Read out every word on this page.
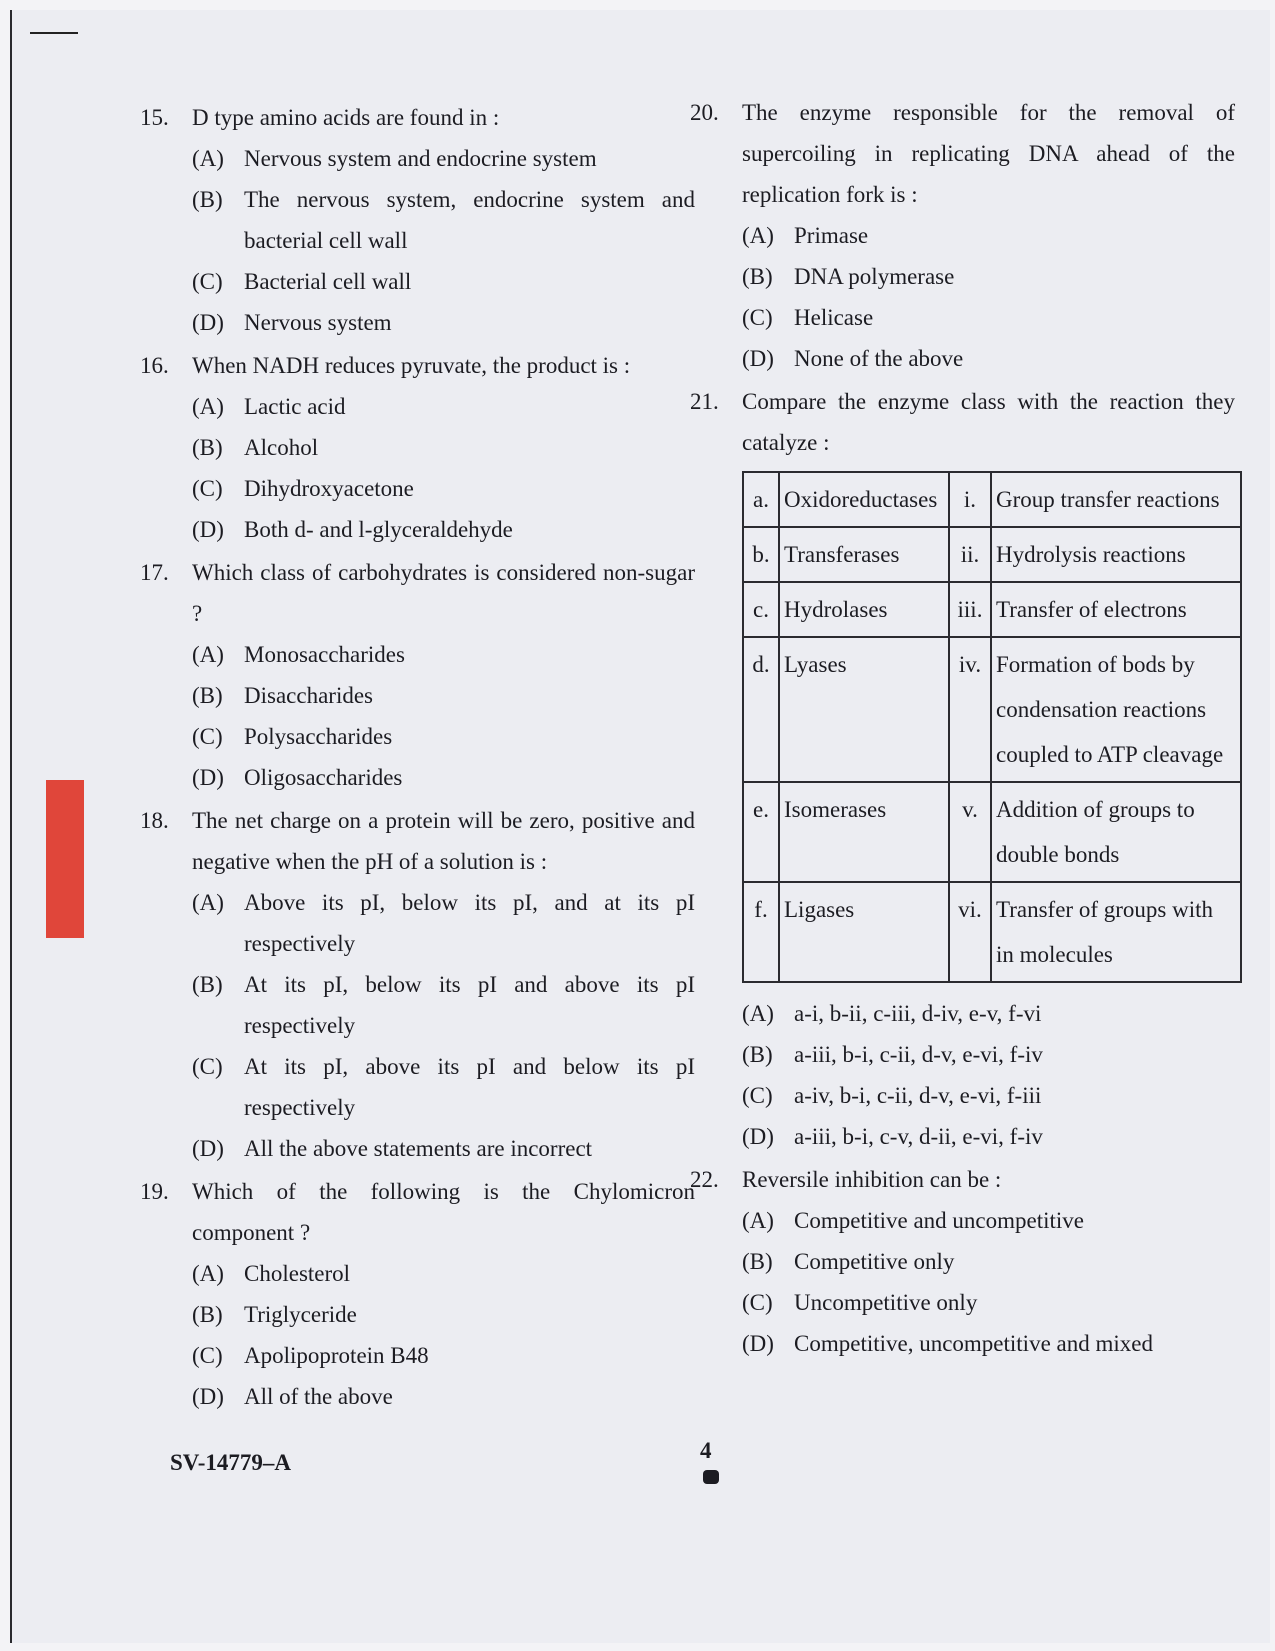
15.	D type amino acids are found in :
(A) Nervous system and endocrine system
(B) The nervous system, endocrine system and bacterial cell wall
(C) Bacterial cell wall
(D) Nervous system
16.	When NADH reduces pyruvate, the product is :
(A) Lactic acid
(B) Alcohol
(C) Dihydroxyacetone
(D) Both d- and l-glyceraldehyde
17.	Which class of carbohydrates is considered non-sugar ?
(A) Monosaccharides
(B) Disaccharides
(C) Polysaccharides
(D) Oligosaccharides
18.	The net charge on a protein will be zero, positive and negative when the pH of a solution is :
(A) Above its pI, below its pI, and at its pI respectively
(B) At its pI, below its pI and above its pI respectively
(C) At its pI, above its pI and below its pI respectively
(D) All the above statements are incorrect
19.	Which of the following is the Chylomicron component ?
(A) Cholesterol
(B) Triglyceride
(C) Apolipoprotein B48
(D) All of the above
20.	The enzyme responsible for the removal of supercoiling in replicating DNA ahead of the replication fork is :
(A) Primase
(B) DNA polymerase
(C) Helicase
(D) None of the above
21.	Compare the enzyme class with the reaction they catalyze :
a.	Oxidoreductases	i.	Group transfer reactions
b.	Transferases	ii.	Hydrolysis reactions
c.	Hydrolases	iii.	Transfer of electrons
d.	Lyases	iv.	Formation of bods by condensation reactions coupled to ATP cleavage
e.	Isomerases	v.	Addition of groups to double bonds
f.	Ligases	vi.	Transfer of groups with in molecules
(A) a-i, b-ii, c-iii, d-iv, e-v, f-vi
(B) a-iii, b-i, c-ii, d-v, e-vi, f-iv
(C) a-iv, b-i, c-ii, d-v, e-vi, f-iii
(D) a-iii, b-i, c-v, d-ii, e-vi, f-iv
22.	Reversile inhibition can be :
(A) Competitive and uncompetitive
(B) Competitive only
(C) Uncompetitive only
(D) Competitive, uncompetitive and mixed
SV-14779–A	4
